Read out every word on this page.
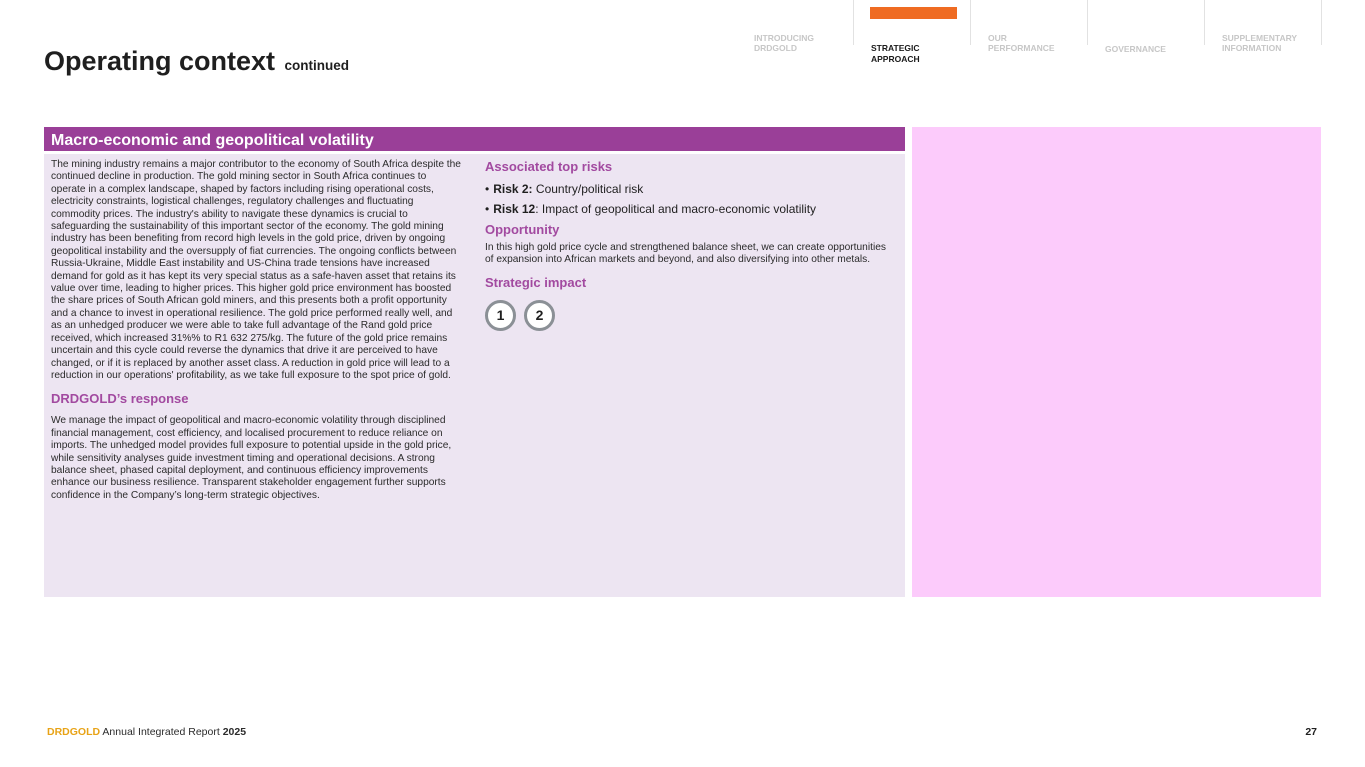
INTRODUCING
DRDGOLD	STRATEGIC
APPROACH

OUR
PERFORMANCE	GOVERNANCE

SUPPLEMENTARY
INFORMATION

Operating context continued
Macro-economic and geopolitical volatility

The mining industry remains a major contributor to the economy of South Africa despite the continued decline in production. The gold mining sector in South Africa continues to operate in a complex landscape, shaped by factors including rising operational costs, electricity constraints, logistical challenges, regulatory challenges and fluctuating commodity prices. The industry's ability to navigate these dynamics is crucial to safeguarding the sustainability of this important sector of the economy. The gold mining industry has been benefiting from record high levels in the gold price, driven by ongoing geopolitical instability and the oversupply of fiat currencies. The ongoing conflicts between Russia-Ukraine, Middle East instability and US-China trade tensions have increased demand for gold as it has kept its very special status as a safe-haven asset that retains its value over time, leading to higher prices. This higher gold price environment has boosted the share prices of South African gold miners, and this presents both a profit opportunity and a chance to invest in operational resilience. The gold price performed really well, and as an unhedged producer we were able to take full advantage of the Rand gold price received, which increased 31%% to R1 632 275/kg. The future of the gold price remains uncertain and this cycle could reverse the dynamics that drive it are perceived to have changed, or if it is replaced by another asset class. A reduction in gold price will lead to a reduction in our operations' profitability, as we take full exposure to the spot price of gold.

DRDGOLD’s response

We manage the impact of geopolitical and macro-economic volatility through disciplined financial management, cost efficiency, and localised procurement to reduce reliance on imports. The unhedged model provides full exposure to potential upside in the gold price, while sensitivity analyses guide investment timing and operational decisions. A strong balance sheet, phased capital deployment, and continuous efficiency improvements enhance our business resilience. Transparent stakeholder engagement further supports confidence in the Company’s long-term strategic objectives.

Associated top risks
• Risk 2: Country/political risk
• Risk 12: Impact of geopolitical and macro-economic volatility
Opportunity

In this high gold price cycle and strengthened balance sheet, we can create opportunities of expansion into African markets and beyond, and also diversifying into other metals.

Strategic impact
1	2
DRDGOLD Annual Integrated Report 2025	27
